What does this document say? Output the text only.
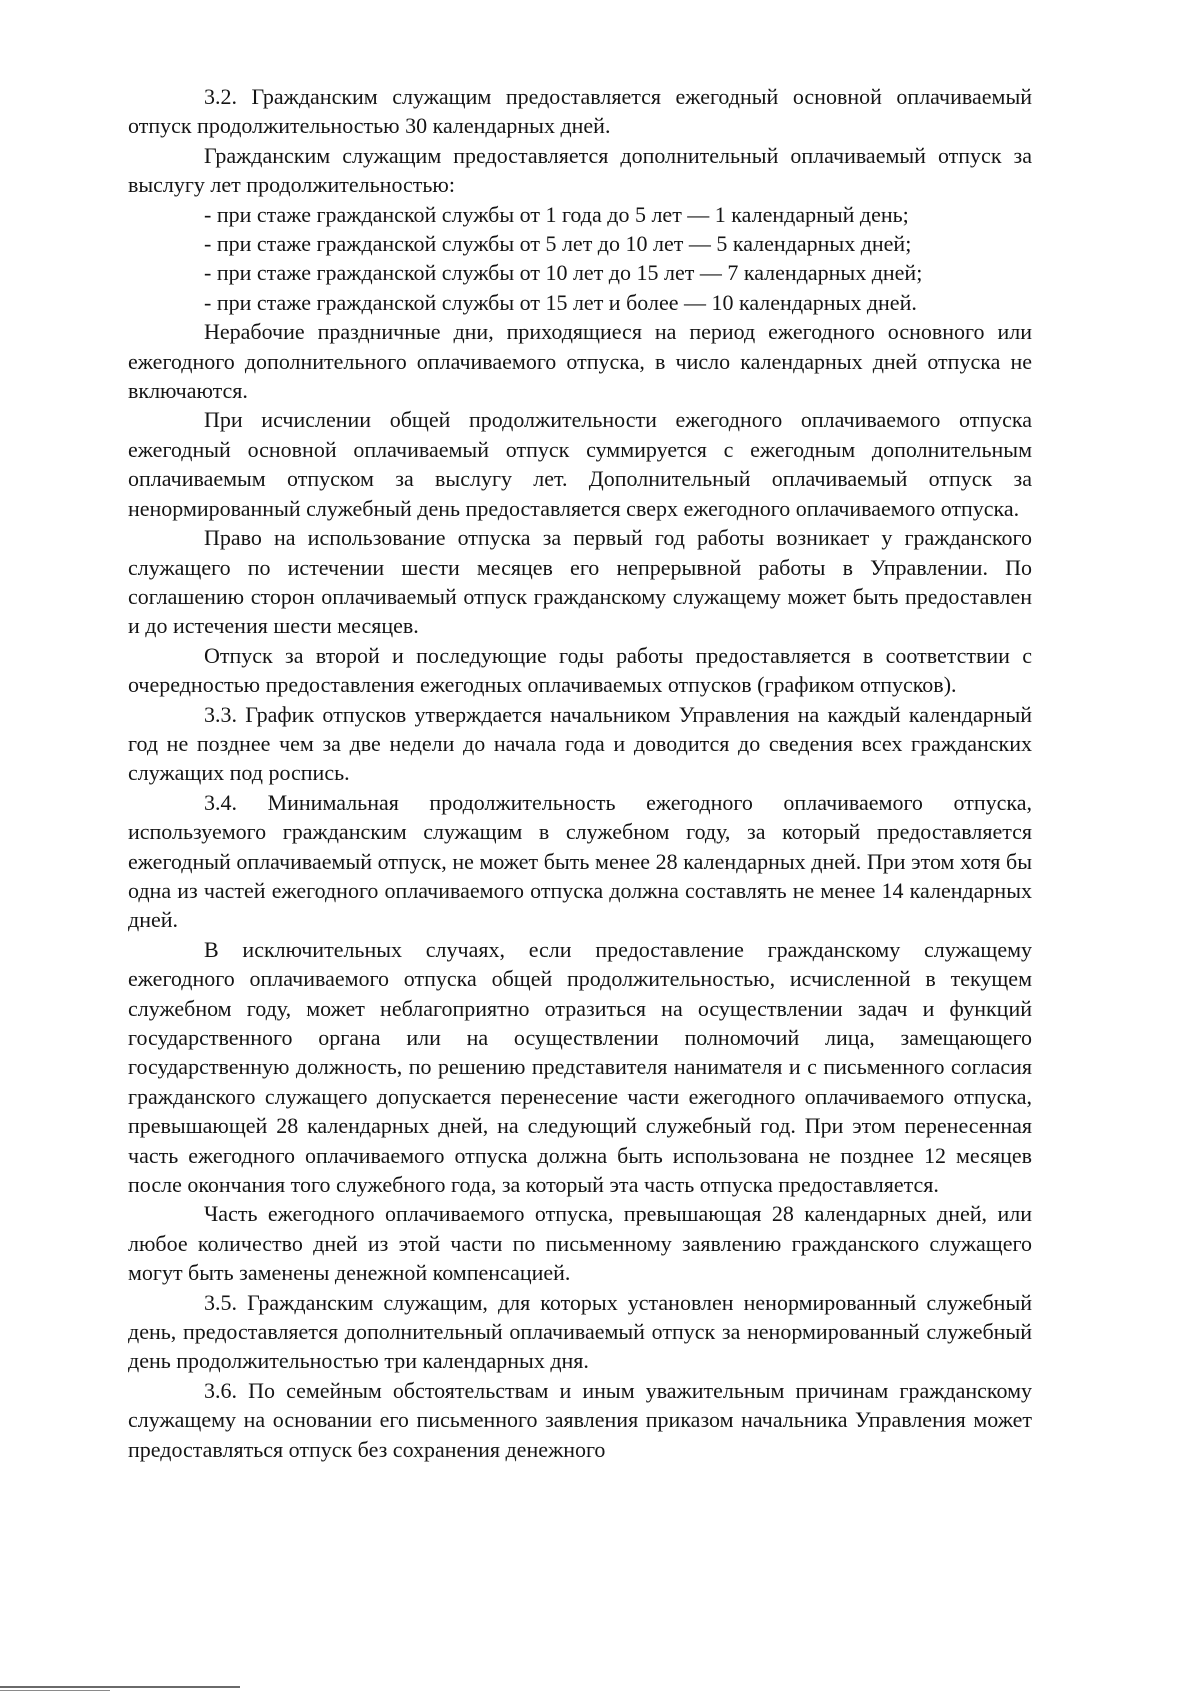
3.2. Гражданским служащим предоставляется ежегодный основной оплачиваемый отпуск продолжительностью 30 календарных дней.

Гражданским служащим предоставляется дополнительный оплачиваемый отпуск за выслугу лет продолжительностью:

- при стаже гражданской службы от 1 года до 5 лет — 1 календарный день;

- при стаже гражданской службы от 5 лет до 10 лет — 5 календарных дней;

- при стаже гражданской службы от 10 лет до 15 лет — 7 календарных дней;

- при стаже гражданской службы от 15 лет и более — 10 календарных дней.

Нерабочие праздничные дни, приходящиеся на период ежегодного основного или ежегодного дополнительного оплачиваемого отпуска, в число календарных дней отпуска не включаются.

При исчислении общей продолжительности ежегодного оплачиваемого отпуска ежегодный основной оплачиваемый отпуск суммируется с ежегодным дополнительным оплачиваемым отпуском за выслугу лет. Дополнительный оплачиваемый отпуск за ненормированный служебный день предоставляется сверх ежегодного оплачиваемого отпуска.

Право на использование отпуска за первый год работы возникает у гражданского служащего по истечении шести месяцев его непрерывной работы в Управлении. По соглашению сторон оплачиваемый отпуск гражданскому служащему может быть предоставлен и до истечения шести месяцев.

Отпуск за второй и последующие годы работы предоставляется в соответствии с очередностью предоставления ежегодных оплачиваемых отпусков (графиком отпусков).

3.3. График отпусков утверждается начальником Управления на каждый календарный год не позднее чем за две недели до начала года и доводится до сведения всех гражданских служащих под роспись.

3.4. Минимальная продолжительность ежегодного оплачиваемого отпуска, используемого гражданским служащим в служебном году, за который предоставляется ежегодный оплачиваемый отпуск, не может быть менее 28 календарных дней. При этом хотя бы одна из частей ежегодного оплачиваемого отпуска должна составлять не менее 14 календарных дней.

В исключительных случаях, если предоставление гражданскому служащему ежегодного оплачиваемого отпуска общей продолжительностью, исчисленной в текущем служебном году, может неблагоприятно отразиться на осуществлении задач и функций государственного органа или на осуществлении полномочий лица, замещающего государственную должность, по решению представителя нанимателя и с письменного согласия гражданского служащего допускается перенесение части ежегодного оплачиваемого отпуска, превышающей 28 календарных дней, на следующий служебный год. При этом перенесенная часть ежегодного оплачиваемого отпуска должна быть использована не позднее 12 месяцев после окончания того служебного года, за который эта часть отпуска предоставляется.

Часть ежегодного оплачиваемого отпуска, превышающая 28 календарных дней, или любое количество дней из этой части по письменному заявлению гражданского служащего могут быть заменены денежной компенсацией.

3.5. Гражданским служащим, для которых установлен ненормированный служебный день, предоставляется дополнительный оплачиваемый отпуск за ненормированный служебный день продолжительностью три календарных дня.

3.6. По семейным обстоятельствам и иным уважительным причинам гражданскому служащему на основании его письменного заявления приказом начальника Управления может предоставляться отпуск без сохранения денежного
